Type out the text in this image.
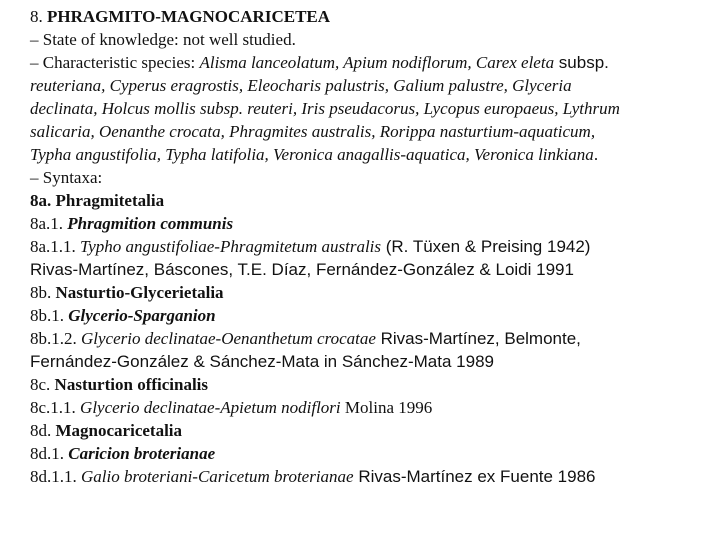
8. PHRAGMITO-MAGNOCARICETEA
– State of knowledge: not well studied.
– Characteristic species: Alisma lanceolatum, Apium nodiflorum, Carex eleta subsp.
reuteriana, Cyperus eragrostis, Eleocharis palustris, Galium palustre, Glyceria
declinata, Holcus mollis subsp. reuteri, Iris pseudacorus, Lycopus europaeus, Lythrum
salicaria, Oenanthe crocata, Phragmites australis, Rorippa nasturtium-aquaticum,
Typha angustifolia, Typha latifolia, Veronica anagallis-aquatica, Veronica linkiana.
– Syntaxa:
8a. Phragmitetalia
8a.1. Phragmition communis
8a.1.1. Typho angustifoliae-Phragmitetum australis (R. Tüxen & Preising 1942)
Rivas-Martínez, Báscones, T.E. Díaz, Fernández-González & Loidi 1991
8b. Nasturtio-Glycerietalia
8b.1. Glycerio-Sparganion
8b.1.2. Glycerio declinatae-Oenanthetum crocatae Rivas-Martínez, Belmonte,
Fernández-González & Sánchez-Mata in Sánchez-Mata 1989
8c. Nasturtion officinalis
8c.1.1. Glycerio declinatae-Apietum nodiflori Molina 1996
8d. Magnocaricetalia
8d.1. Caricion broterianae
8d.1.1. Galio broteriani-Caricetum broterianae Rivas-Martínez ex Fuente 1986
